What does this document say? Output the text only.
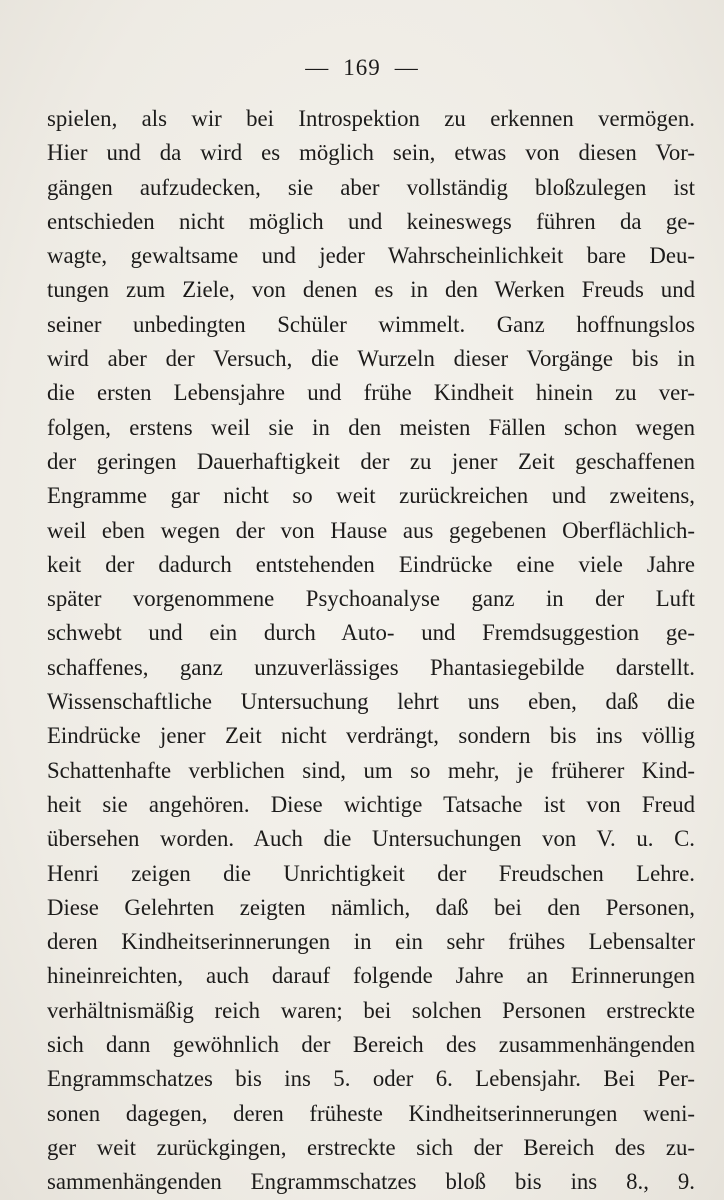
— 169 —
spielen, als wir bei Introspektion zu erkennen vermögen.
Hier und da wird es möglich sein, etwas von diesen Vor-
gängen aufzudecken, sie aber vollständig bloßzulegen ist
entschieden nicht möglich und keineswegs führen da ge-
wagte, gewaltsame und jeder Wahrscheinlichkeit bare Deu-
tungen zum Ziele, von denen es in den Werken Freuds und
seiner unbedingten Schüler wimmelt. Ganz hoffnungslos
wird aber der Versuch, die Wurzeln dieser Vorgänge bis in
die ersten Lebensjahre und frühe Kindheit hinein zu ver-
folgen, erstens weil sie in den meisten Fällen schon wegen
der geringen Dauerhaftigkeit der zu jener Zeit geschaffenen
Engramme gar nicht so weit zurückreichen und zweitens,
weil eben wegen der von Hause aus gegebenen Oberflächlich-
keit der dadurch entstehenden Eindrücke eine viele Jahre
später vorgenommene Psychoanalyse ganz in der Luft
schwebt und ein durch Auto- und Fremdsuggestion ge-
schaffenes, ganz unzuverlässiges Phantasiegebilde darstellt.
Wissenschaftliche Untersuchung lehrt uns eben, daß die
Eindrücke jener Zeit nicht verdrängt, sondern bis ins völlig
Schattenhafte verblichen sind, um so mehr, je früherer Kind-
heit sie angehören. Diese wichtige Tatsache ist von Freud
übersehen worden. Auch die Untersuchungen von V. u. C.
Henri zeigen die Unrichtigkeit der Freudschen Lehre.
Diese Gelehrten zeigten nämlich, daß bei den Personen,
deren Kindheitserinnerungen in ein sehr frühes Lebensalter
hineinreichten, auch darauf folgende Jahre an Erinnerungen
verhältnismäßig reich waren; bei solchen Personen erstreckte
sich dann gewöhnlich der Bereich des zusammenhängenden
Engrammschatzes bis ins 5. oder 6. Lebensjahr. Bei Per-
sonen dagegen, deren früheste Kindheitserinnerungen weni-
ger weit zurückgingen, erstreckte sich der Bereich des zu-
sammenhängenden Engrammschatzes bloß bis ins 8., 9.
